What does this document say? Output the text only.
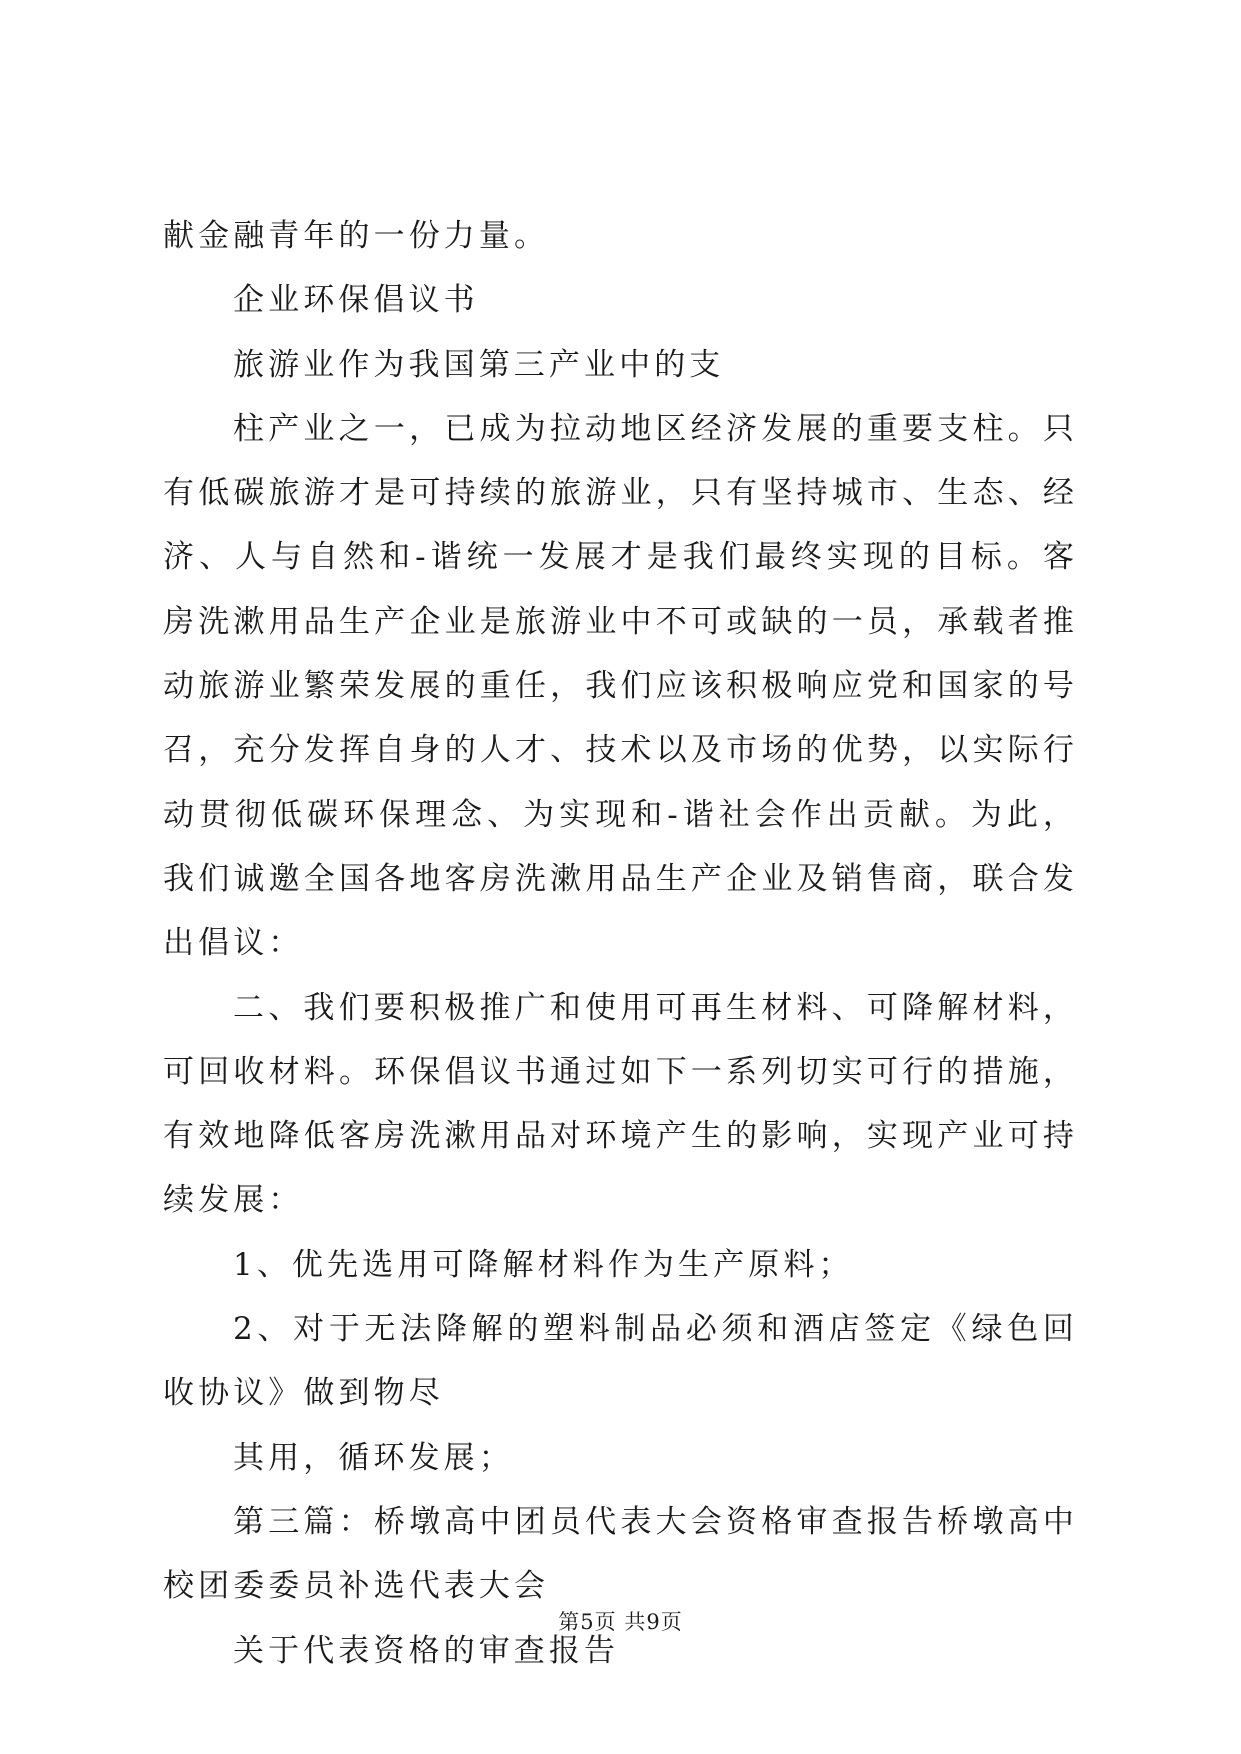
献金融青年的一份力量。

企业环保倡议书

旅游业作为我国第三产业中的支

柱产业之一，已成为拉动地区经济发展的重要支柱。只有低碳旅游才是可持续的旅游业，只有坚持城市、生态、经济、人与自然和-谐统一发展才是我们最终实现的目标。客房洗漱用品生产企业是旅游业中不可或缺的一员，承载者推动旅游业繁荣发展的重任，我们应该积极响应党和国家的号召，充分发挥自身的人才、技术以及市场的优势，以实际行动贯彻低碳环保理念、为实现和-谐社会作出贡献。为此，我们诚邀全国各地客房洗漱用品生产企业及销售商，联合发出倡议：

二、我们要积极推广和使用可再生材料、可降解材料，可回收材料。环保倡议书通过如下一系列切实可行的措施，有效地降低客房洗漱用品对环境产生的影响，实现产业可持续发展：

1、优先选用可降解材料作为生产原料；

2、对于无法降解的塑料制品必须和酒店签定《绿色回收协议》做到物尽

其用，循环发展；

第三篇：桥墩高中团员代表大会资格审查报告桥墩高中校团委委员补选代表大会

关于代表资格的审查报告

第5页 共9页
